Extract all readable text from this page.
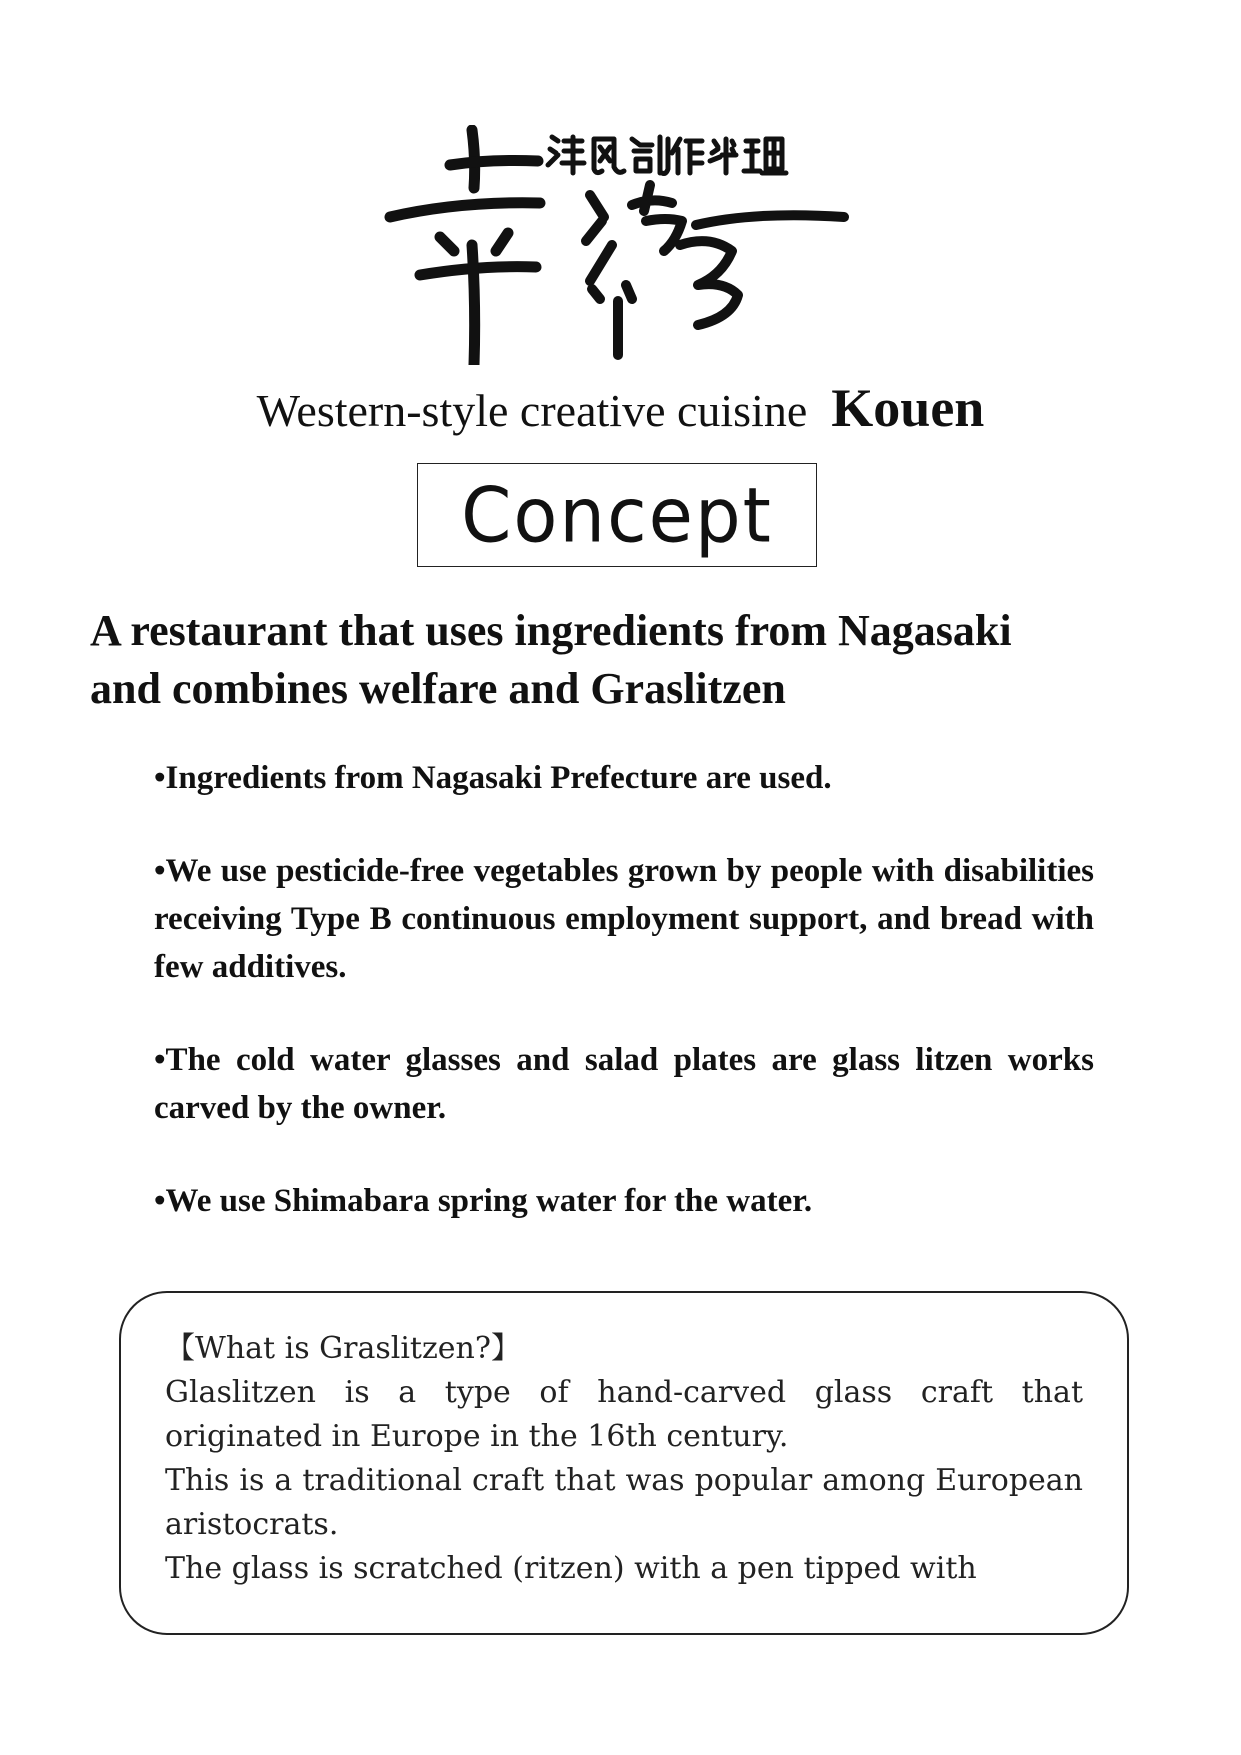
Western-style creative cuisine Kouen
Concept
A restaurant that uses ingredients from Nagasaki
and combines welfare and Graslitzen
•Ingredients from Nagasaki Prefecture are used.
•We use pesticide-free vegetables grown by people with disabilities receiving Type B continuous employment support, and bread with few additives.
•The cold water glasses and salad plates are glass litzen works carved by the owner.
•We use Shimabara spring water for the water.

【What is Graslitzen?】

Glaslitzen is a type of hand-carved glass craft that originated in Europe in the 16th century.

This is a traditional craft that was popular among European aristocrats.

The glass is scratched (ritzen) with a pen tipped with
